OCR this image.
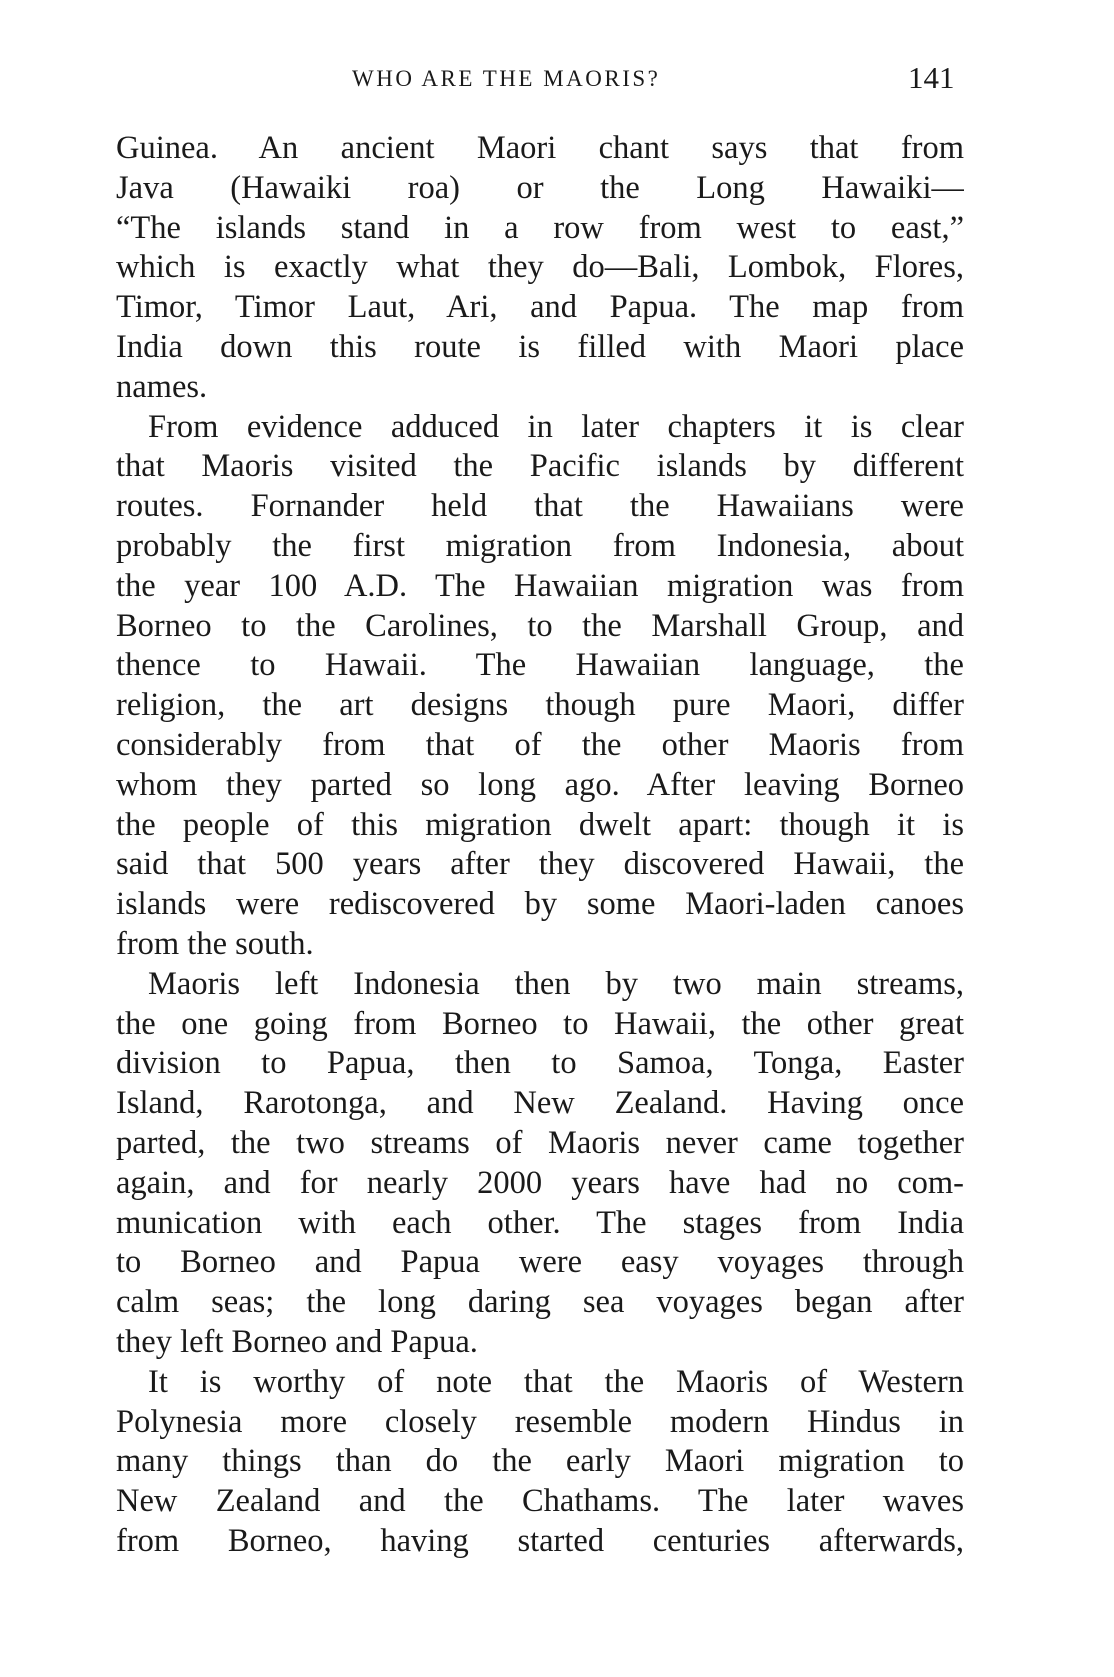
WHO ARE THE MAORIS?	141
Guinea. An ancient Maori chant says that from
Java (Hawaiki roa) or the Long Hawaiki—
“The islands stand in a row from west to east,”
which is exactly what they do—Bali, Lombok, Flores,
Timor, Timor Laut, Ari, and Papua. The map from
India down this route is filled with Maori place
names.
From evidence adduced in later chapters it is clear
that Maoris visited the Pacific islands by different
routes. Fornander held that the Hawaiians were
probably the first migration from Indonesia, about
the year 100 A.D. The Hawaiian migration was from
Borneo to the Carolines, to the Marshall Group, and
thence to Hawaii. The Hawaiian language, the
religion, the art designs though pure Maori, differ
considerably from that of the other Maoris from
whom they parted so long ago. After leaving Borneo
the people of this migration dwelt apart: though it is
said that 500 years after they discovered Hawaii, the
islands were rediscovered by some Maori-laden canoes
from the south.
Maoris left Indonesia then by two main streams,
the one going from Borneo to Hawaii, the other great
division to Papua, then to Samoa, Tonga, Easter
Island, Rarotonga, and New Zealand. Having once
parted, the two streams of Maoris never came together
again, and for nearly 2000 years have had no com-
munication with each other. The stages from India
to Borneo and Papua were easy voyages through
calm seas; the long daring sea voyages began after
they left Borneo and Papua.
It is worthy of note that the Maoris of Western
Polynesia more closely resemble modern Hindus in
many things than do the early Maori migration to
New Zealand and the Chathams. The later waves
from Borneo, having started centuries afterwards,
